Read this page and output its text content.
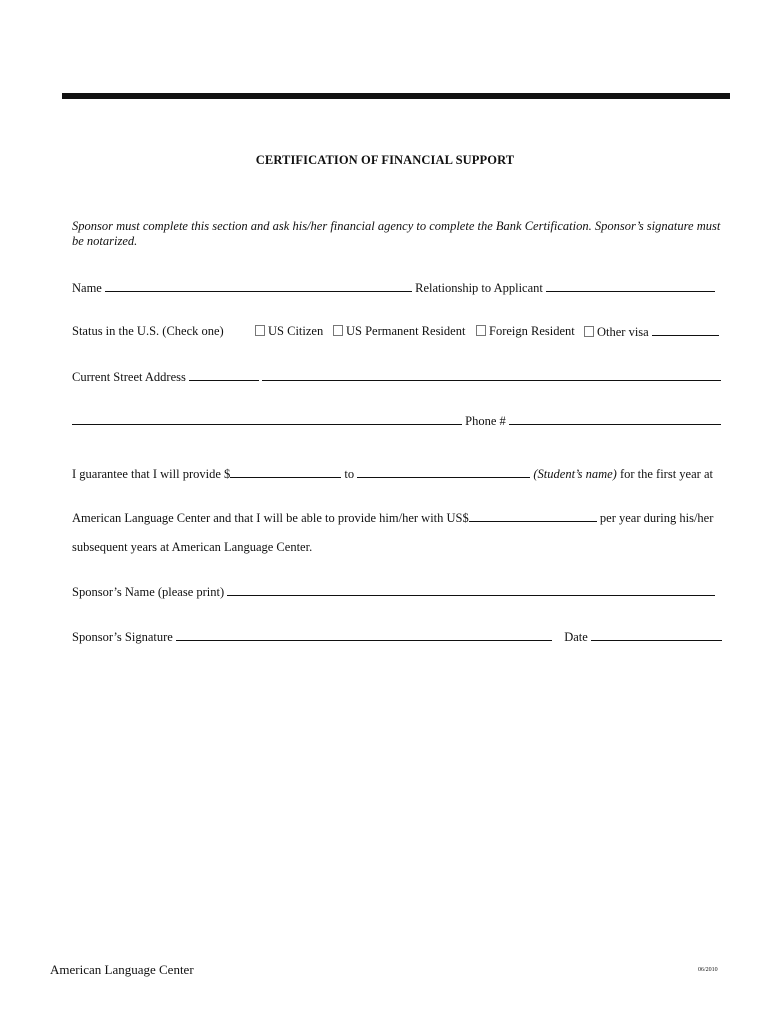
CERTIFICATION OF FINANCIAL SUPPORT
Sponsor must complete this section and ask his/her financial agency to complete the Bank Certification. Sponsor’s signature must be notarized.
Name	Relationship to Applicant
Status in the U.S. (Check one)	US Citizen	US Permanent Resident	Foreign Resident	Other visa
Current Street Address
Phone #
I guarantee that I will provide $	to	(Student’s name) for the first year at
American Language Center and that I will be able to provide him/her with US$	per year during his/her
subsequent years at American Language Center.
Sponsor’s Name (please print)
Sponsor’s Signature	Date
American Language Center	06/2010
